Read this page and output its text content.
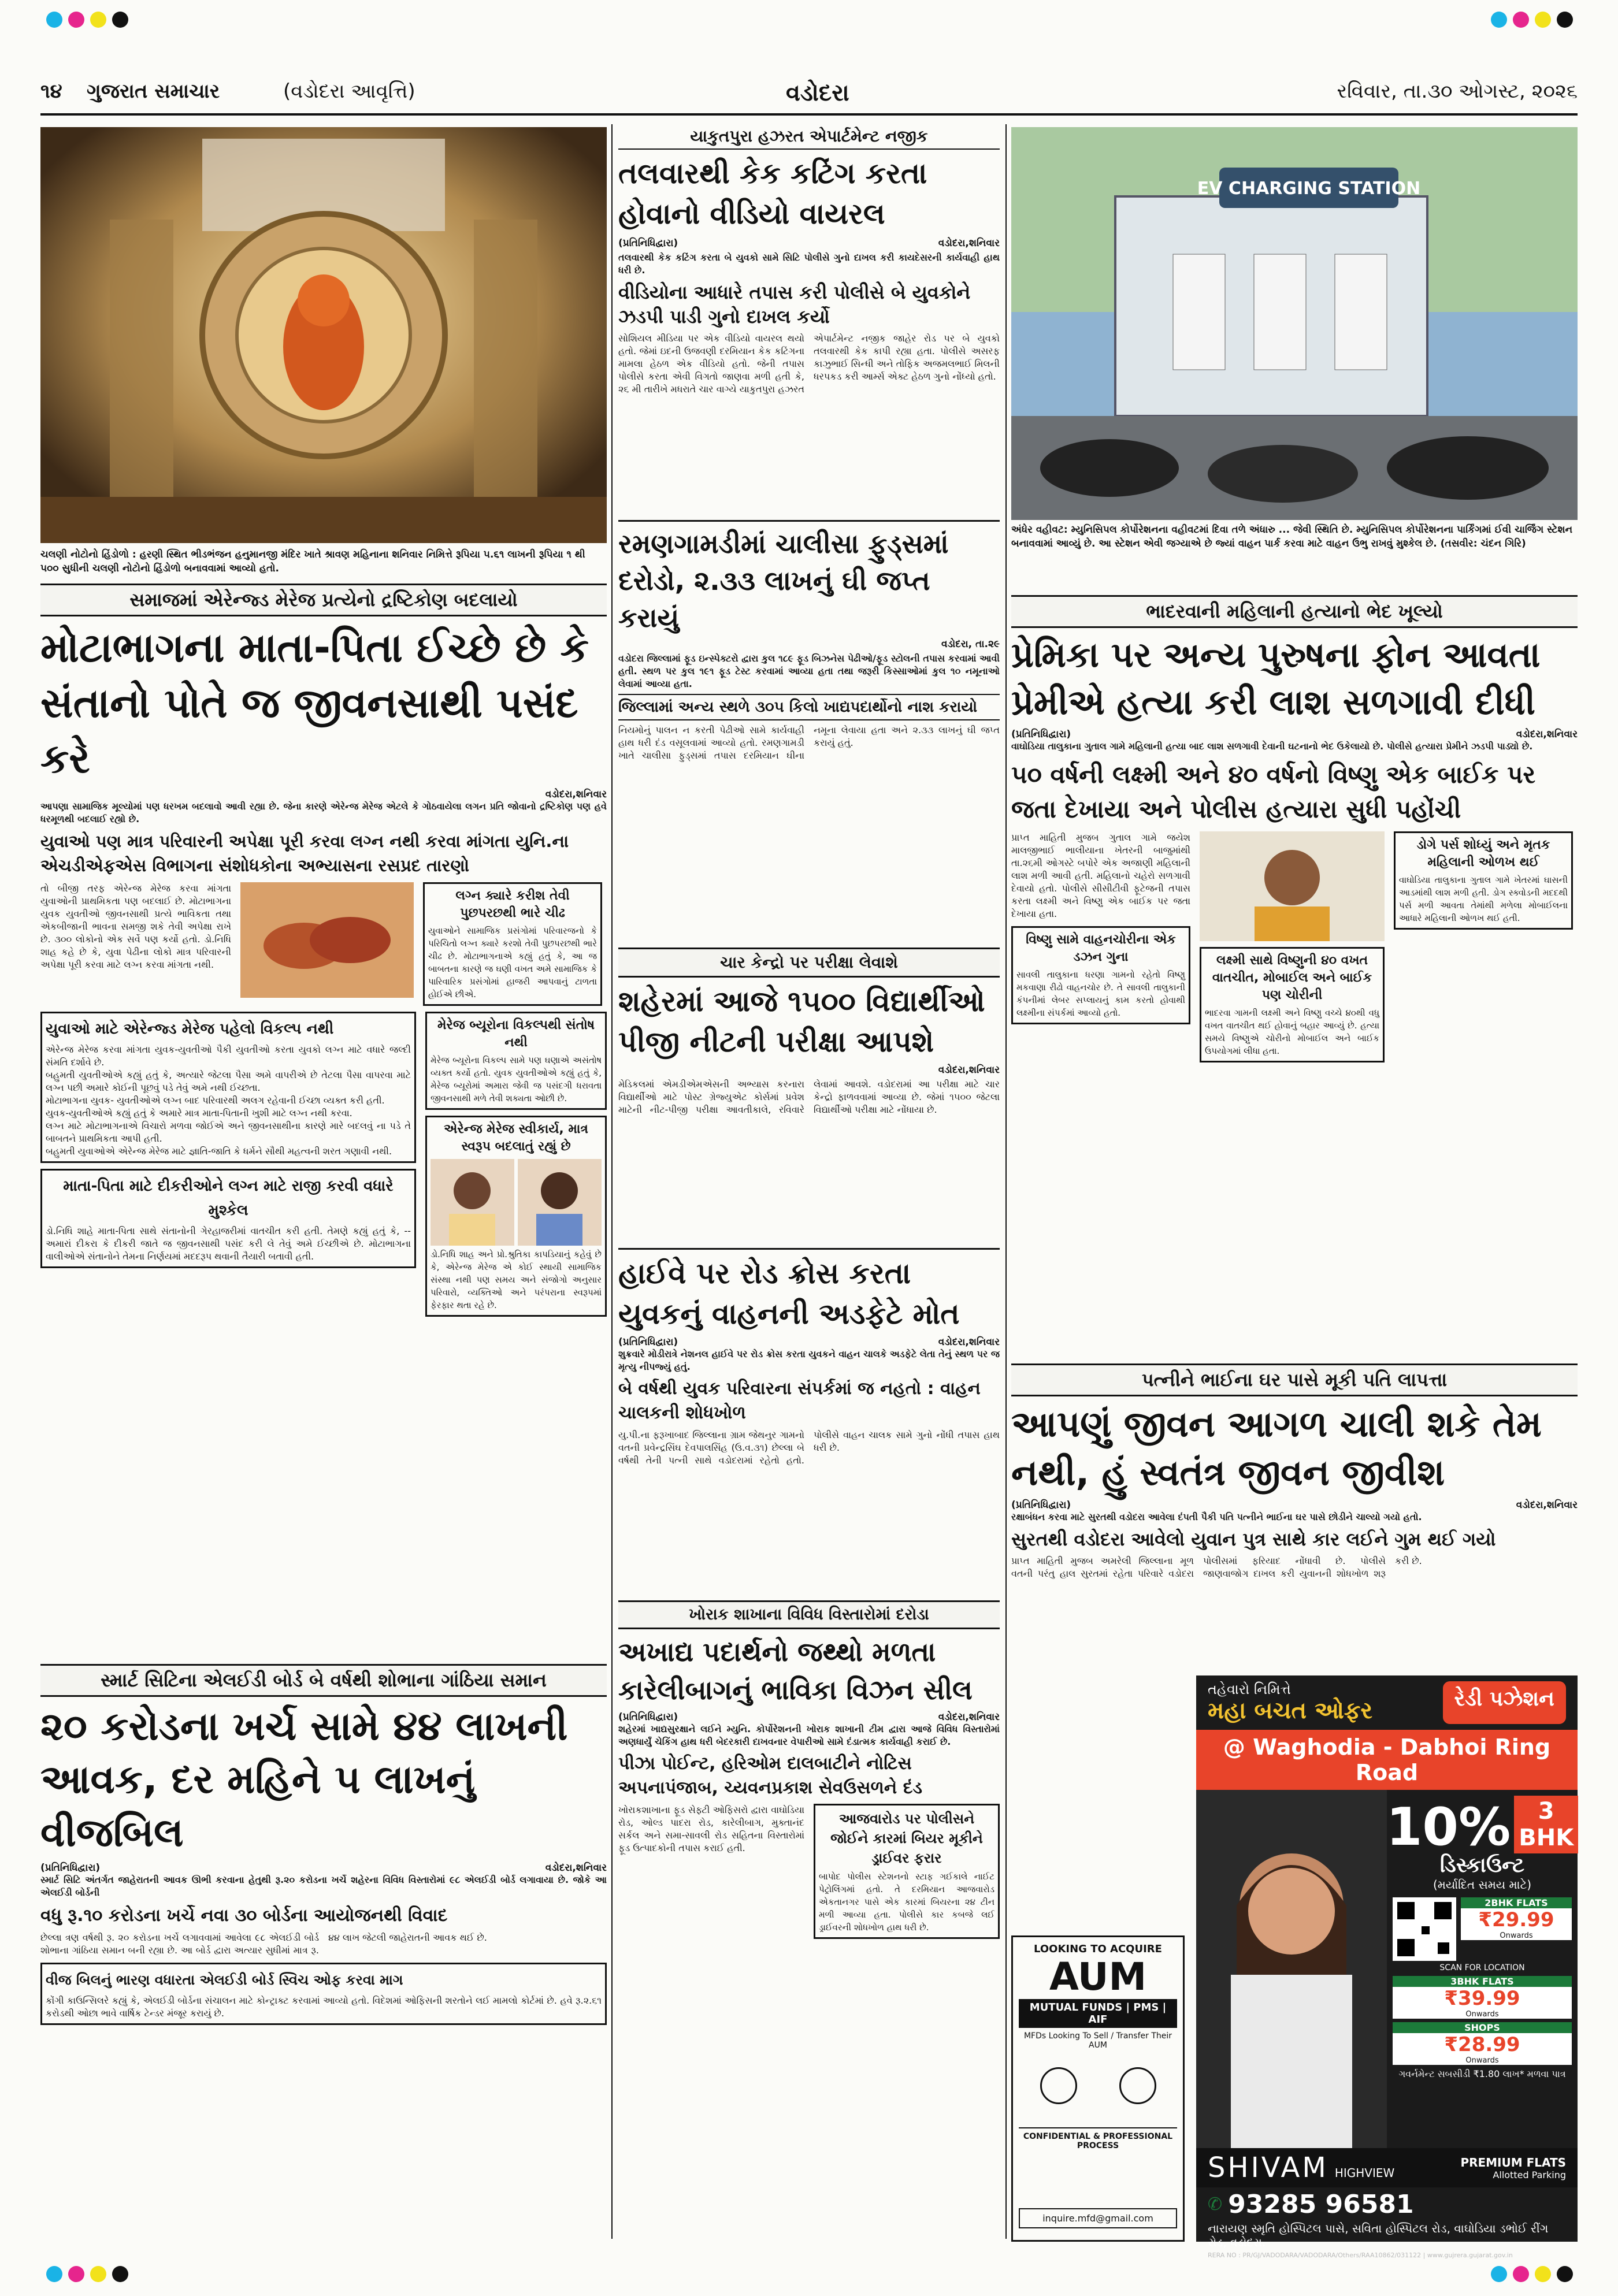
૧૪ ગુજરાત સમાચાર	(વડોદરા આવૃત્તિ)	વડોદરા	રવિવાર, તા.૩૦ ઓગસ્ટ, ૨૦૨૬
ચલણી નોટોનો હિંડોળો : હરણી સ્થિત ભીડભંજન હનુમાનજી મંદિર ખાતે શ્રાવણ મહિનાના શનિવાર નિમિત્તે રૂપિયા ૫.૬૧ લાખની રૂપિયા ૧ થી ૫૦૦ સુધીની ચલણી નોટોનો હિંડોળો બનાવવામાં આવ્યો હતો.
યાકુતપુરા હઝરત એપાર્ટમેન્ટ નજીક
તલવારથી કેક કટિંગ કરતા હોવાનો વીડિયો વાયરલ
(પ્રતિનિધિદ્વારા)	વડોદરા,શનિવાર
તલવારથી કેક કટિંગ કરતા બે યુવકો સામે સિટિ પોલીસે ગુનો દાખલ કરી કાયદેસરની કાર્યવાહી હાથ ધરી છે.
વીડિયોના આધારે તપાસ કરી પોલીસે બે યુવકોને ઝડપી પાડી ગુનો દાખલ કર્યો
સોશિયલ મીડિયા પર એક વીડિયો વાયરલ થયો હતો. જેમાં ઇદની ઉજવણી દરમિયાન કેક કટિંગના મામલા હેઠળ એક વીડિયો હતો. જેની તપાસ પોલીસે કરતા એવી વિગતો જાણવા મળી હતી કે, ૨૬ મી તારીખે મધરાતે ચાર વાગ્યે યાકુતપુરા હઝરત એપાર્ટમેન્ટ નજીક જાહેર રોડ પર બે યુવકો તલવારથી કેક કાપી રહ્યા હતા. પોલીસે અસરફ કાઝુભાઈ સિન્ધી અને તોફિક અજમલભાઈ મિલની ધરપકડ કરી આર્મ્સ એક્ટ હેઠળ ગુનો નોંધ્યો હતો.
રમણગામડીમાં ચાલીસા ફુડ્સમાં દરોડો, ૨.૩૩ લાખનું ઘી જપ્ત કરાયું
વડોદરા, તા.૨૯
વડોદરા જિલ્લામાં ફૂડ ઇન્સ્પેક્ટરો દ્વારા કુલ ૧૮૯ ફૂડ બિઝનેસ પેઢીઓ/ફૂડ સ્ટોલની તપાસ કરવામાં આવી હતી. સ્થળ પર કુલ ૧૯૧ ફૂડ ટેસ્ટ કરવામાં આવ્યા હતા તથા જરૂરી કિસ્સાઓમાં કુલ ૧૦ નમૂનાઓ લેવામાં આવ્યા હતા.
જિલ્લામાં અન્ય સ્થળે ૩૦૫ કિલો ખાદ્યપદાર્થોનો નાશ કરાયો
નિયમોનું પાલન ન કરતી પેઢીઓ સામે કાર્યવાહી હાથ ધરી દંડ વસૂલવામાં આવ્યો હતો. રમણગામડી ખાતે ચાલીસા ફુડ્સમાં તપાસ દરમિયાન ઘીના નમૂના લેવાયા હતા અને ૨.૩૩ લાખનું ઘી જપ્ત કરાયું હતું.
EV CHARGING STATION
અંધેર વહીવટ: મ્યુનિસિપલ કોર્પોરેશનના વહીવટમાં દિવા તળે અંધારુ ... જેવી સ્થિતિ છે. મ્યુનિસિપલ કોર્પોરેશનના પાર્કિંગમાં ઈવી ચાર્જિંગ સ્ટેશન બનાવવામાં આવ્યું છે. આ સ્ટેશન એવી જગ્યાએ છે જ્યાં વાહન પાર્ક કરવા માટે વાહન ઉભુ રાખવું મુશ્કેલ છે. (તસવીર: ચંદન ગિરિ)
સમાજમાં એરેન્જ્ડ મેરેજ પ્રત્યેનો દ્રષ્ટિકોણ બદલાયો
મોટાભાગના માતા-પિતા ઈચ્છે છે કે સંતાનો પોતે જ જીવનસાથી પસંદ કરે
વડોદરા,શનિવાર
આપણા સામાજિક મૂલ્યોમાં પણ ધરખમ બદલાવો આવી રહ્યા છે. જેના કારણે એરેન્જ મેરેજ એટલે કે ગોઠવાયેલા લગન પ્રતિ જોવાનો દ્રષ્ટિકોણ પણ હવે ધરમૂળથી બદલાઈ રહ્યો છે.
યુવાઓ પણ માત્ર પરિવારની અપેક્ષા પૂરી કરવા લગ્ન નથી કરવા માંગતા યુનિ.ના એચડીએફએસ વિભાગના સંશોધકોના અભ્યાસના રસપ્રદ તારણો
તો બીજી તરફ એરેન્જ મેરેજ કરવા માંગતા યુવાઓની પ્રાથમિકતા પણ બદલાઈ છે. મોટાભાગના યુવક યુવતીઓ જીવનસાથી પ્રત્યે ભાવિકતા તથા એકબીજાની ભાવના સમજી શકે તેવી અપેક્ષા રાખે છે. ૩૦૦ લોકોનો એક સર્વે પણ કર્યો હતો. ડો.નિધિ શાહ કહે છે કે, યુવા પેઢીના લોકો માત્ર પરિવારની અપેક્ષા પૂરી કરવા માટે લગ્ન કરવા માંગતા નથી.
લગ્ન ક્યારે કરીશ તેવી પુછપરછથી ભારે ચીઢ
યુવાઓને સામાજિક પ્રસંગોમાં પરિવારજનો કે પરિચિતો લગ્ન ક્યારે કરશો તેવી પુછપરછથી ભારે ચીઢ છે. મોટાભાગનાએ કહ્યું હતું કે, આ જ બાબતના કારણે જ ઘણી વખત અમે સામાજિક કે પારિવારિક પ્રસંગોમાં હાજરી આપવાનું ટાળતા હોઈએ છીએ.
યુવાઓ માટે એરેન્જ્ડ મેરેજ પહેલો વિકલ્પ નથી
એરેન્જ મેરેજ કરવા માંગતા યુવક-યુવતીઓ પૈકી યુવતીઓ કરતા યુવકો લગ્ન માટે વધારે જલ્દી સંમતિ દર્શાવે છે.
બહુમતી યુવતીઓએ કહ્યું હતું કે, અત્યારે જેટલા પૈસા અમે વાપરીએ છે તેટલા પૈસા વાપરવા માટે લગ્ન પછી અમારે કોઈની પૂછવું પડે તેવું અમે નથી ઈચ્છતા.
મોટાભાગના યુવક- યુવતીઓએ લગ્ન બાદ પરિવારથી અલગ રહેવાની ઈચ્છા વ્યક્ત કરી હતી.
યુવક-યુવતીઓએ કહ્યું હતું કે અમારે માત્ર માતા-પિતાની ખુશી માટે લગ્ન નથી કરવા.
લગ્ન માટે મોટાભાગનાએ વિચારો મળવા જોઈએ અને જીવનસાથીના કારણે મારે બદલવું ના પડે તે બાબતને પ્રાથમિકતા આપી હતી.
બહુમતી યુવાઓએ એરેન્જ મેરેજ માટે જ્ઞાતિ-જાતિ કે ધર્મને સૌથી મહત્વની શરત ગણાવી નથી.
માતા-પિતા માટે દીકરીઓને લગ્ન માટે રાજી કરવી વધારે મુશ્કેલ
ડો.નિધિ શાહે માતા-પિતા સાથે સંતાનોની ગેરહાજરીમાં વાતચીત કરી હતી. તેમણે કહ્યું હતું કે, -- અમારાં દીકરા કે દીકરી જાતે જ જીવનસાથી પસંદ કરી લે તેવું અમે ઈચ્છીએ છે. મોટાભાગના વાલીઓએ સંતાનોને તેમના નિર્ણયમાં મદદરૂપ થવાની તૈયારી બતાવી હતી.
મેરેજ બ્યૂરોના વિકલ્પથી સંતોષ નથી
મેરેજ બ્યૂરોના વિકલ્પ સામે પણ ઘણાએ અસંતોષ વ્યક્ત કર્યો હતો. યુવક યુવતીઓએ કહ્યું હતું કે, મેરેજ બ્યૂરોમાં અમારા જેવી જ પસંદગી ધરાવતા જીવનસાથી મળે તેવી શક્યતા ઓછી છે.
એરેન્જ મેરેજ સ્વીકાર્ય, માત્ર સ્વરૂપ બદલાતું રહ્યું છે
ડો.નિધિ શાહ અને પ્રો.શ્રુતિકા કાપડિયાનું કહેવું છે કે, એરેન્જ મેરેજ એ કોઈ સ્થાયી સામાજિક સંસ્થા નથી પણ સમય અને સંજોગો અનુસાર પરિવારો, વ્યક્તિઓ અને પરંપરાના સ્વરૂપમાં ફેરફાર થતા રહે છે.
સ્માર્ટ સિટિના એલઈડી બોર્ડ બે વર્ષથી શોભાના ગાંઠિયા સમાન
૨૦ કરોડના ખર્ચ સામે ૪૪ લાખની આવક, દર મહિને ૫ લાખનું વીજબિલ
(પ્રતિનિધિદ્વારા)	વડોદરા,શનિવાર
સ્માર્ટ સિટિ અંતર્ગત જાહેરાતની આવક ઊભી કરવાના હેતુથી રૂ.૨૦ કરોડના ખર્ચે શહેરના વિવિધ વિસ્તારોમાં ૯૮ એલઈડી બોર્ડ લગાવાયા છે. જોકે આ એલઈડી બોર્ડની
વધુ રૂ.૧૦ કરોડના ખર્ચે નવા ૩૦ બોર્ડના આયોજનથી વિવાદ
છેલ્લા ત્રણ વર્ષથી રૂ. ૨૦ કરોડના ખર્ચે લગાવવામાં આવેલા ૯૮ એલઈડી બોર્ડ શોભાના ગાંઠિયા સમાન બની રહ્યા છે. આ બોર્ડ દ્વારા અત્યાર સુધીમાં માત્ર રૂ. ૪૪ લાખ જેટલી જાહેરાતની આવક થઈ છે.
વીજ બિલનું ભારણ વધારતા એલઈડી બોર્ડ સ્વિચ ઓફ કરવા માગ
કોંગી કાઉન્સિલરે કહ્યું કે, એલઈડી બોર્ડના સંચાલન માટે કોન્ટ્રાક્ટ કરવામાં આવ્યો હતો. વિદેશમાં ઓફિસની શરતોને લઈ મામલો કોર્ટમાં છે. હવે રૂ.૨.૬૧ કરોડથી ઓછા ભાવે વાર્ષિક ટેન્ડર મંજૂર કરાયું છે.
ચાર કેન્દ્રો પર પરીક્ષા લેવાશે
શહેરમાં આજે ૧૫૦૦ વિદ્યાર્થીઓ પીજી નીટની પરીક્ષા આપશે
વડોદરા,શનિવાર
મેડિકલમાં એમડીએમએસની અભ્યાસ કરનારા વિદ્યાર્થીઓ માટે પોસ્ટ ગ્રેજ્યુએટ કોર્સમાં પ્રવેશ માટેની નીટ-પીજી પરીક્ષા આવતીકાલે, રવિવારે લેવામાં આવશે. વડોદરામાં આ પરીક્ષા માટે ચાર કેન્દ્રો ફાળવવામાં આવ્યા છે. જેમાં ૧૫૦૦ જેટલા વિદ્યાર્થીઓ પરીક્ષા માટે નોંધાયા છે.
હાઈવે પર રોડ ક્રોસ કરતા યુવકનું વાહનની અડફેટે મોત
(પ્રતિનિધિદ્વારા)	વડોદરા,શનિવાર
શુક્રવારે મોડીરાત્રે નેશનલ હાઈવે પર રોડ ક્રોસ કરતા યુવકને વાહન ચાલકે અડફેટે લેતા તેનું સ્થળ પર જ મૃત્યુ નીપજ્યું હતું.
બે વર્ષથી યુવક પરિવારના સંપર્કમાં જ નહતો : વાહન ચાલકની શોધખોળ
યુ.પી.ના ફરૂખાબાદ જિલ્લાના ગ્રામ જેથનુર ગામનો વતની પ્રવેન્દ્રસિંઘ દેવપાલસિંહ (ઉ.વ.૩૧) છેલ્લા બે વર્ષથી તેની પત્ની સાથે વડોદરામાં રહેતો હતો. પોલીસે વાહન ચાલક સામે ગુનો નોંધી તપાસ હાથ ધરી છે.
ખોરાક શાખાના વિવિધ વિસ્તારોમાં દરોડા
અખાદ્ય પદાર્થનો જથ્થો મળતા કારેલીબાગનું ભાવિકા વિઝન સીલ
(પ્રતિનિધિદ્વારા)	વડોદરા,શનિવાર
શહેરમાં ખાદ્યસુરક્ષાને લઈને મ્યુનિ. કોર્પોરેશનની ખોરાક શાખાની ટીમ દ્વારા આજે વિવિધ વિસ્તારોમાં અણધાર્યું ચેકિંગ હાથ ધરી બેદરકારી દાખવનાર વેપારીઓ સામે દંડાત્મક કાર્યવાહી કરાઈ છે.
પીઝા પોઈન્ટ, હરિઓમ દાલબાટીને નોટિસ અપનાપંજાબ, ચ્યવનપ્રકાશ સેવઉસળને દંડ
ખોરાકશાખાના ફૂડ સેફ્ટી ઓફિસરો દ્વારા વાઘોડિયા રોડ, ઓલ્ડ પાદરા રોડ, કારેલીબાગ, મુક્તાનંદ સર્કલ અને સમા-સાવલી રોડ સહિતના વિસ્તારોમાં ફૂડ ઉત્પાદકોની તપાસ કરાઈ હતી.
આજવારોડ પર પોલીસને જોઈને કારમાં બિયર મૂકીને ડ્રાઈવર ફરાર
બાપોદ પોલીસ સ્ટેશનનો સ્ટાફ ગઈકાલે નાઈટ પેટ્રોલિંગમાં હતો. તે દરમિયાન આજવારોડ એકતાનગર પાસે એક કારમાં બિયરના ૨૪ ટીન મળી આવ્યા હતા. પોલીસે કાર કબજે લઈ ડ્રાઈવરની શોધખોળ હાથ ધરી છે.
ભાદરવાની મહિલાની હત્યાનો ભેદ ખૂલ્યો
પ્રેમિકા પર અન્ય પુરુષના ફોન આવતા પ્રેમીએ હત્યા કરી લાશ સળગાવી દીધી
(પ્રતિનિધિદ્વારા)	વડોદરા,શનિવાર
વાઘોડિયા તાલુકાના ગુતાલ ગામે મહિલાની હત્યા બાદ લાશ સળગાવી દેવાની ઘટનાનો ભેદ ઉકેલાયો છે. પોલીસે હત્યારા પ્રેમીને ઝડપી પાડ્યો છે.
૫૦ વર્ષની લક્ષ્મી અને ૪૦ વર્ષનો વિષ્ણુ એક બાઈક પર જતા દેખાયા અને પોલીસ હત્યારા સુધી પહોંચી
પ્રાપ્ત માહિતી મુજબ ગુતાલ ગામે જયેશ માલજીભાઈ ભાલીયાના ખેતરની બાજુમાંથી તા.૨૬મી ઓગસ્ટે બપોરે એક અજાણી મહિલાની લાશ મળી આવી હતી. મહિલાનો ચહેરો સળગાવી દેવાયો હતો. પોલીસે સીસીટીવી ફૂટેજની તપાસ કરતા લક્ષ્મી અને વિષ્ણુ એક બાઈક પર જતા દેખાયા હતા.
વિષ્ણુ સામે વાહનચોરીના એક ડઝન ગુના
સાવલી તાલુકાના ધરણા ગામનો રહેતો વિષ્ણુ મકવાણા રીઢો વાહનચોર છે. તે સાવલી તાલુકાની કંપનીમાં લેબર સપ્લાયનું કામ કરતો હોવાથી લક્ષ્મીના સંપર્કમાં આવ્યો હતો.
લક્ષ્મી સાથે વિષ્ણુની ૪૦ વખત વાતચીત, મોબાઈલ અને બાઈક પણ ચોરીની
ભાદરવા ગામની લક્ષ્મી અને વિષ્ણુ વચ્ચે ૪૦થી વધુ વખત વાતચીત થઈ હોવાનું બહાર આવ્યું છે. હત્યા સમયે વિષ્ણુએ ચોરીનો મોબાઈલ અને બાઈક ઉપયોગમાં લીધા હતા.
ડોગે પર્સ શોધ્યું અને મૃતક મહિલાની ઓળખ થઈ
વાઘોડિયા તાલુકાના ગુતાલ ગામે ખેતરમાં ઘાસની આડમાંથી લાશ મળી હતી. ડોગ સ્ક્વોડની મદદથી પર્સ મળી આવતા તેમાંથી મળેલા મોબાઈલના આધારે મહિલાની ઓળખ થઈ હતી.
પત્નીને ભાઈના ઘર પાસે મૂકી પતિ લાપત્તા
આપણું જીવન આગળ ચાલી શકે તેમ નથી, હું સ્વતંત્ર જીવન જીવીશ
(પ્રતિનિધિદ્વારા)	વડોદરા,શનિવાર
રક્ષાબંધન કરવા માટે સુરતથી વડોદરા આવેલા દંપતી પૈકી પતિ પત્નીને ભાઈના ઘર પાસે છોડીને ચાલ્યો ગયો હતો.
સુરતથી વડોદરા આવેલો યુવાન પુત્ર સાથે કાર લઈને ગુમ થઈ ગયો
પ્રાપ્ત માહિતી મુજબ અમરેલી જિલ્લાના મૂળ વતની પરંતુ હાલ સુરતમાં રહેતા પરિવારે વડોદરા પોલીસમાં ફરિયાદ નોંધાવી છે. પોલીસે જાણવાજોગ દાખલ કરી યુવાનની શોધખોળ શરૂ કરી છે.
LOOKING TO ACQUIRE
AUM
MUTUAL FUNDS | PMS | AIF
MFDs Looking To Sell / Transfer Their AUM
CONFIDENTIAL & PROFESSIONAL PROCESS
inquire.mfd@gmail.com
તહેવારો નિમિત્તે
મહા બચત ઓફર	રેડી પઝેશન
@ Waghodia - Dabhoi Ring Road
10%	3 BHK
ડિસ્કાઉન્ટ
(મર્યાદિત સમય માટે)
2BHK FLATS
₹29.99
Onwards
SCAN FOR LOCATION
3BHK FLATS
₹39.99
Onwards
SHOPS
₹28.99
Onwards
ગવર્નમેન્ટ સબસીડી ₹1.80 લાખ* મળવા પાત્ર
SHIVAM HIGHVIEW
PREMIUM FLATS
Allotted Parking
✆ 93285 96581
નારાયણ સ્મૃતિ હોસ્પિટલ પાસે, સવિતા હોસ્પિટલ રોડ, વાઘોડિયા ડભોઈ રીંગ રોડ, વડોદરા.
RERA NO : PR/GJ/VADODARA/VADODARA/Others/RAA10862/031122 | www.gujrera.gujarat.gov.in
